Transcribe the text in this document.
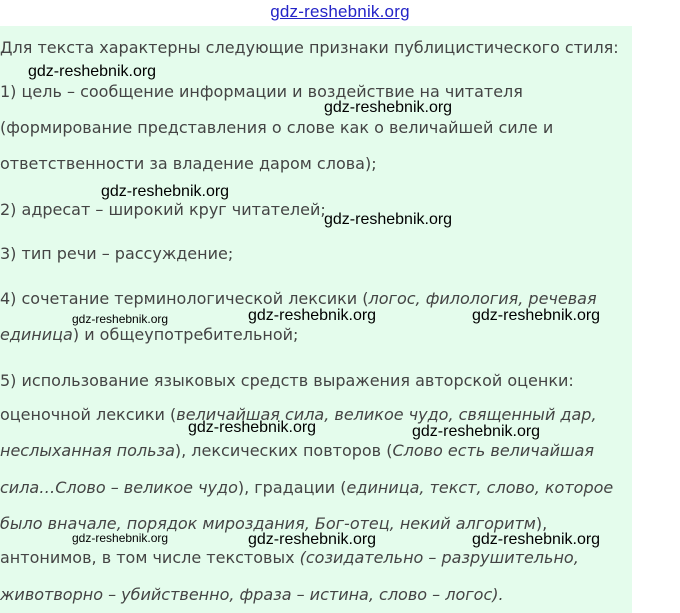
gdz-reshebnik.org
Для текста характерны следующие признаки публицистического стиля:
1) цель – сообщение информации и воздействие на читателя
(формирование представления о слове как о величайшей силе и
ответственности за владение даром слова);
2) адресат – широкий круг читателей;
3) тип речи – рассуждение;
4) сочетание терминологической лексики (логос, филология, речевая
единица) и общеупотребительной;
5) использование языковых средств выражения авторской оценки:
оценочной лексики (величайшая сила, великое чудо, священный дар,
неслыханная польза), лексических повторов (Слово есть величайшая
сила…Слово – великое чудо), градации (единица, текст, слово, которое
было вначале, порядок мироздания, Бог-отец, некий алгоритм),
антонимов, в том числе текстовых (созидательно – разрушительно,
животворно – убийственно, фраза – истина, слово – логос).
gdz-reshebnik.org
gdz-reshebnik.org
gdz-reshebnik.org
gdz-reshebnik.org
gdz-reshebnik.org	gdz-reshebnik.org	gdz-reshebnik.org
gdz-reshebnik.org	gdz-reshebnik.org
gdz-reshebnik.org	gdz-reshebnik.org	gdz-reshebnik.org
